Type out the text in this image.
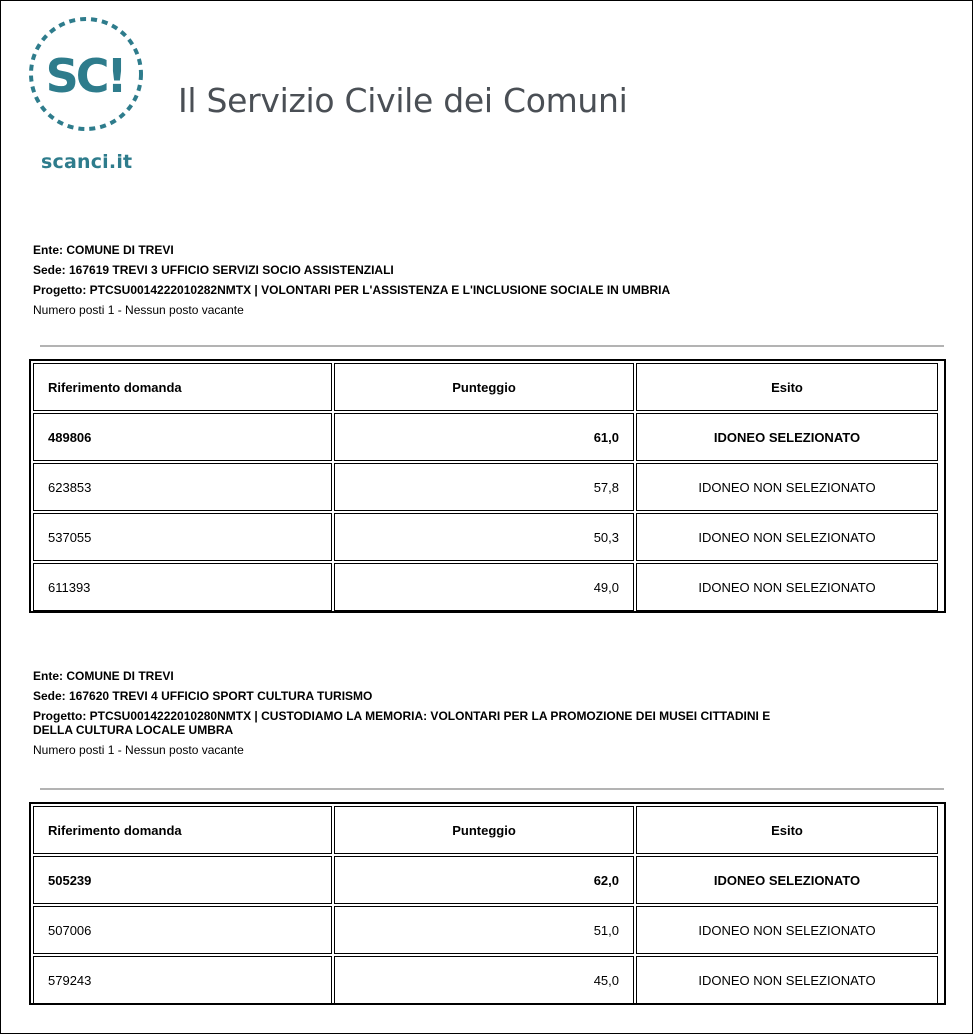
SC!
scanci.it
Il Servizio Civile dei Comuni
Ente: COMUNE DI TREVI
Sede: 167619 TREVI 3 UFFICIO SERVIZI SOCIO ASSISTENZIALI
Progetto: PTCSU0014222010282NMTX | VOLONTARI PER L'ASSISTENZA E L'INCLUSIONE SOCIALE IN UMBRIA
Numero posti 1 - Nessun posto vacante
Riferimento domanda	Punteggio	Esito
489806	61,0	IDONEO SELEZIONATO
623853	57,8	IDONEO NON SELEZIONATO
537055	50,3	IDONEO NON SELEZIONATO
611393	49,0	IDONEO NON SELEZIONATO
Ente: COMUNE DI TREVI
Sede: 167620 TREVI 4 UFFICIO SPORT CULTURA TURISMO
Progetto: PTCSU0014222010280NMTX | CUSTODIAMO LA MEMORIA: VOLONTARI PER LA PROMOZIONE DEI MUSEI CITTADINI E
DELLA CULTURA LOCALE UMBRA
Numero posti 1 - Nessun posto vacante
Riferimento domanda	Punteggio	Esito
505239	62,0	IDONEO SELEZIONATO
507006	51,0	IDONEO NON SELEZIONATO
579243	45,0	IDONEO NON SELEZIONATO
